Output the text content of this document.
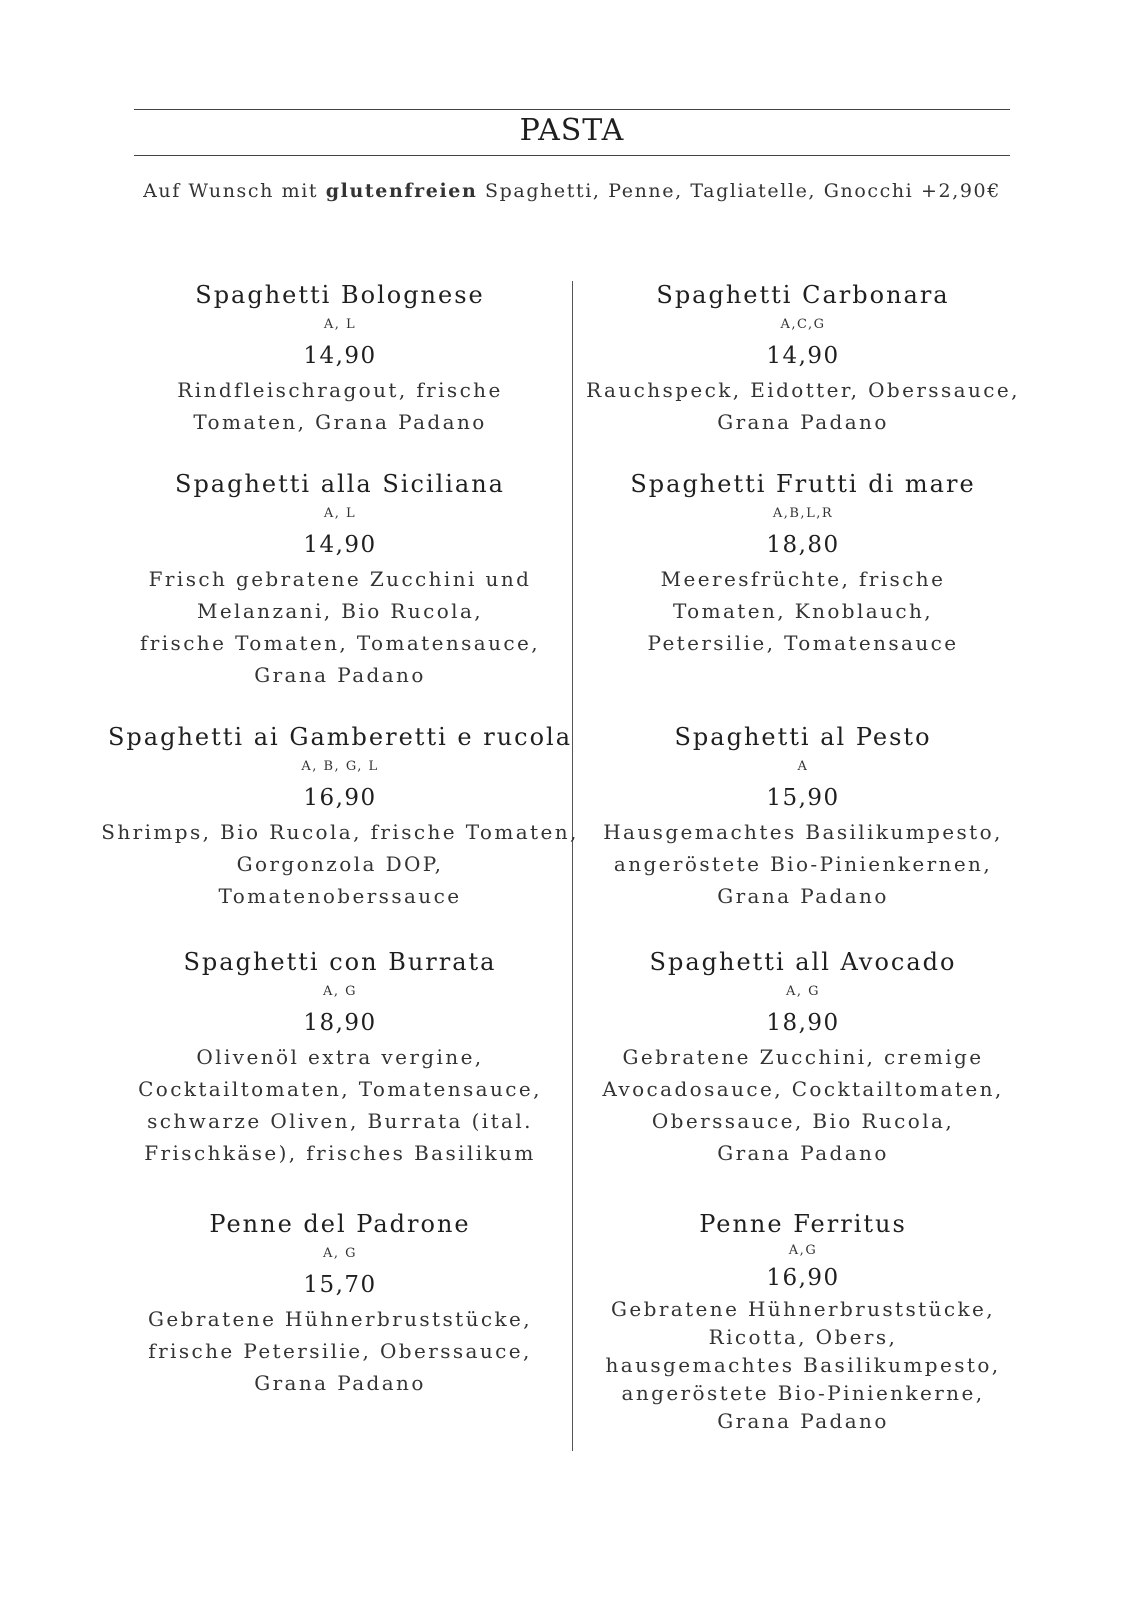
PASTA
Auf Wunsch mit glutenfreien Spaghetti, Penne, Tagliatelle, Gnocchi +2,90€
Spaghetti Bolognese
A, L
14,90
Rindfleischragout, frische
Tomaten, Grana Padano
Spaghetti alla Siciliana
A, L
14,90
Frisch gebratene Zucchini und
Melanzani, Bio Rucola,
frische Tomaten, Tomatensauce,
Grana Padano
Spaghetti ai Gamberetti e rucola
A, B, G, L
16,90
Shrimps, Bio Rucola, frische Tomaten,
Gorgonzola DOP,
Tomatenoberssauce
Spaghetti con Burrata
A, G
18,90
Olivenöl extra vergine,
Cocktailtomaten, Tomatensauce,
schwarze Oliven, Burrata (ital.
Frischkäse), frisches Basilikum
Penne del Padrone
A, G
15,70
Gebratene Hühnerbruststücke,
frische Petersilie, Oberssauce,
Grana Padano
Spaghetti Carbonara
A,C,G
14,90
Rauchspeck, Eidotter, Oberssauce,
Grana Padano
Spaghetti Frutti di mare
A,B,L,R
18,80
Meeresfrüchte, frische
Tomaten, Knoblauch,
Petersilie, Tomatensauce
Spaghetti al Pesto
A
15,90
Hausgemachtes Basilikumpesto,
angeröstete Bio-Pinienkernen,
Grana Padano
Spaghetti all Avocado
A, G
18,90
Gebratene Zucchini, cremige
Avocadosauce, Cocktailtomaten,
Oberssauce, Bio Rucola,
Grana Padano
Penne Ferritus
A,G
16,90
Gebratene Hühnerbruststücke,
Ricotta, Obers,
hausgemachtes Basilikumpesto,
angeröstete Bio-Pinienkerne,
Grana Padano
